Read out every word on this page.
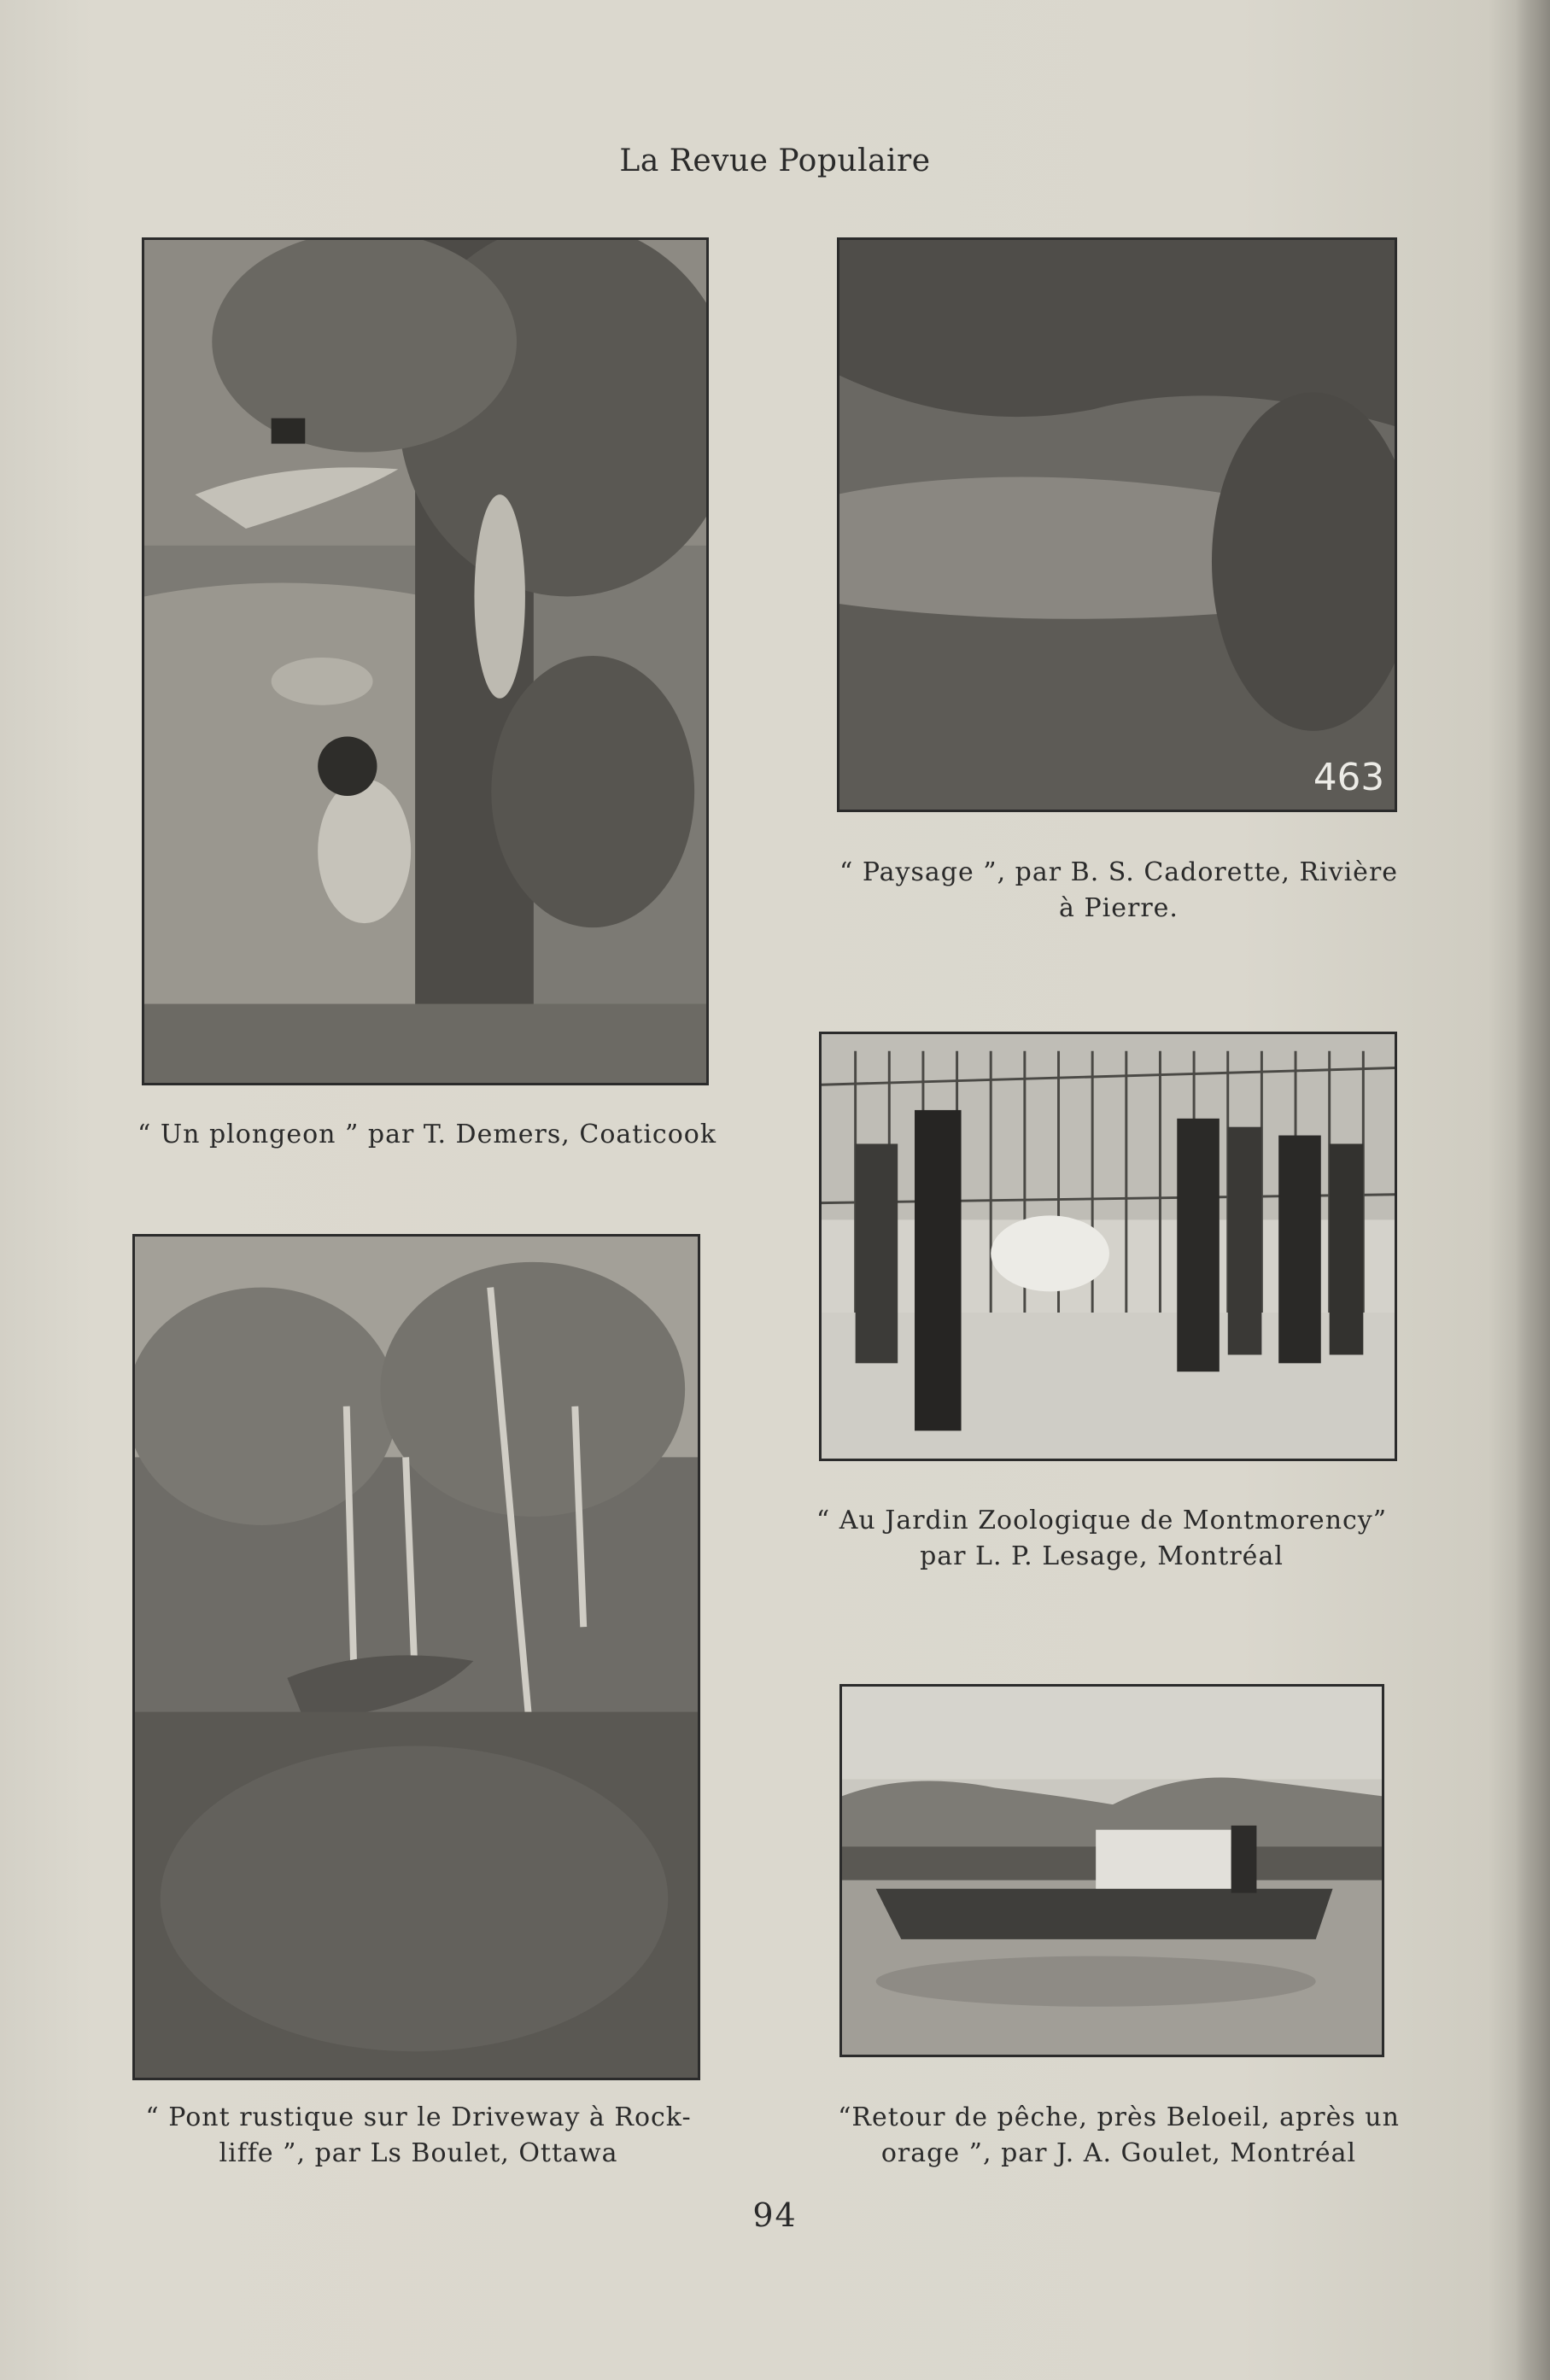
La Revue Populaire
“ Un plongeon ” par T. Demers, Coaticook
463
“ Paysage ”, par B. S. Cadorette, Rivière
à Pierre.
“ Au Jardin Zoologique de Montmorency”
par L. P. Lesage, Montréal
“ Pont rustique sur le Driveway à Rock-
liffe ”, par Ls Boulet, Ottawa
“Retour de pêche, près Beloeil, après un
orage ”, par J. A. Goulet, Montréal
94
